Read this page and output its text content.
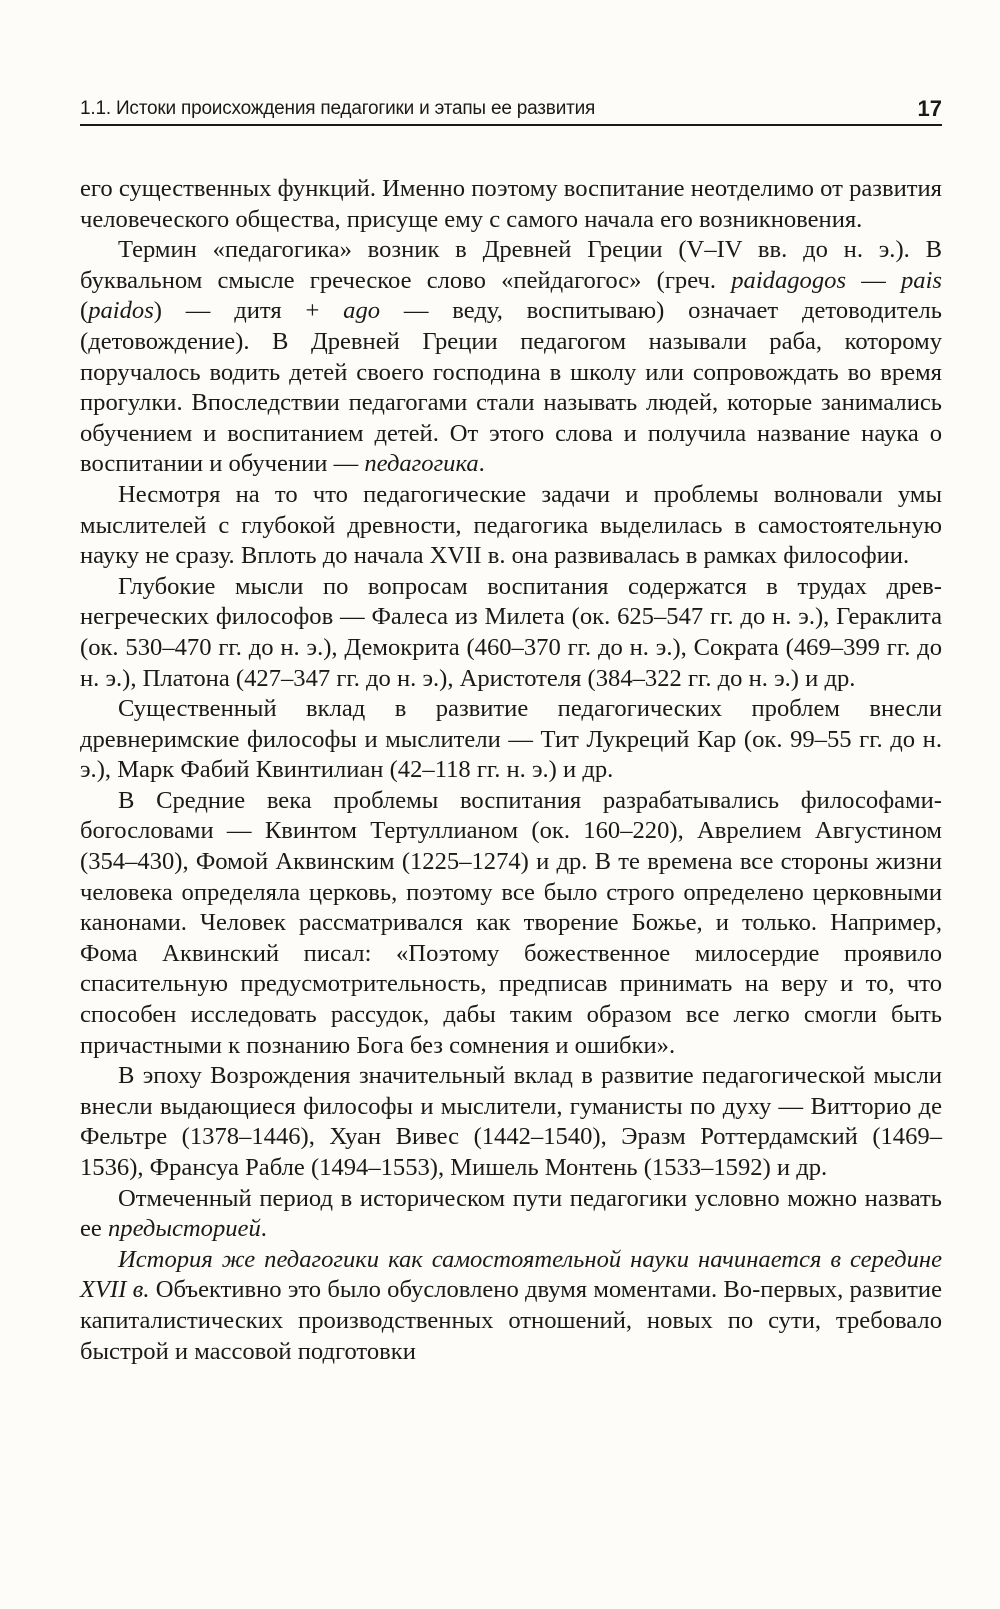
1.1. Истоки происхождения педагогики и этапы ее развития	17

его существенных функций. Именно поэтому воспитание неотделимо от развития человеческого общества, присуще ему с самого начала его возникновения.

Термин «педагогика» возник в Древней Греции (V–IV вв. до н. э.). В буквальном смысле греческое слово «пейдагогос» (греч. paidagogos — pais (paidos) — дитя + ago — веду, воспитываю) означает детоводитель (детовождение). В Древней Греции педагогом называли раба, которому поручалось водить детей своего господина в школу или сопровождать во время прогулки. Впоследствии педагогами стали называть людей, которые занимались обучением и воспитанием детей. От этого слова и получила название наука о воспитании и обучении — педагогика.

Несмотря на то что педагогические задачи и проблемы волновали умы мыслителей с глубокой древности, педагогика выделилась в самостоятельную науку не сразу. Вплоть до начала XVII в. она развивалась в рамках философии.

Глубокие мысли по вопросам воспитания содержатся в трудах древнегреческих философов — Фалеса из Милета (ок. 625–547 гг. до н. э.), Гераклита (ок. 530–470 гг. до н. э.), Демокрита (460–370 гг. до н. э.), Сократа (469–399 гг. до н. э.), Платона (427–347 гг. до н. э.), Аристотеля (384–322 гг. до н. э.) и др.

Существенный вклад в развитие педагогических проблем внесли древнеримские философы и мыслители — Тит Лукреций Кар (ок. 99–55 гг. до н. э.), Марк Фабий Квинтилиан (42–118 гг. н. э.) и др.

В Средние века проблемы воспитания разрабатывались философами-богословами — Квинтом Тертуллианом (ок. 160–220), Аврелием Августином (354–430), Фомой Аквинским (1225–1274) и др. В те времена все стороны жизни человека определяла церковь, поэтому все было строго определено церковными канонами. Человек рассматривался как творение Божье, и только. Например, Фома Аквинский писал: «Поэтому божественное милосердие проявило спасительную предусмотрительность, предписав принимать на веру и то, что способен исследовать рассудок, дабы таким образом все легко смогли быть причастными к познанию Бога без сомнения и ошибки».

В эпоху Возрождения значительный вклад в развитие педагогической мысли внесли выдающиеся философы и мыслители, гуманисты по духу — Витторио де Фельтре (1378–1446), Хуан Вивес (1442–1540), Эразм Роттердамский (1469–1536), Франсуа Рабле (1494–1553), Мишель Монтень (1533–1592) и др.

Отмеченный период в историческом пути педагогики условно можно назвать ее предысторией.

История же педагогики как самостоятельной науки начинается в середине XVII в. Объективно это было обусловлено двумя моментами. Во-первых, развитие капиталистических производственных отношений, новых по сути, требовало быстрой и массовой подготовки
